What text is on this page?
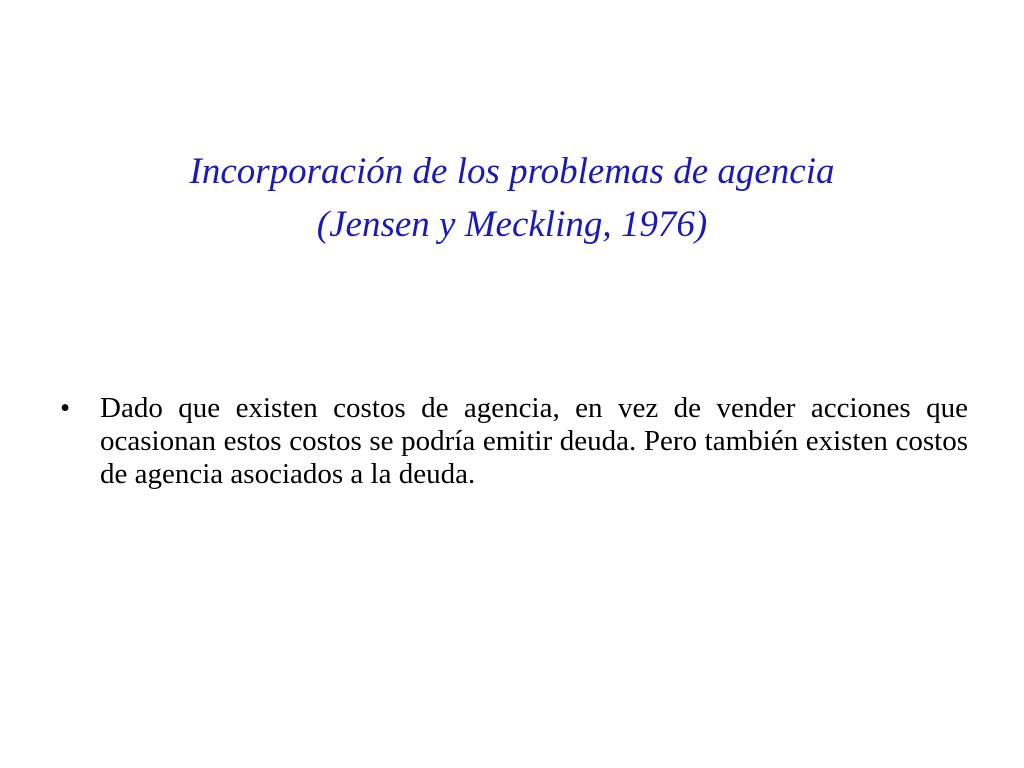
Incorporación de los problemas de agencia
(Jensen y Meckling, 1976)
• Dado que existen costos de agencia, en vez de vender acciones que ocasionan estos costos se podría emitir deuda. Pero también existen costos de agencia asociados a la deuda.
